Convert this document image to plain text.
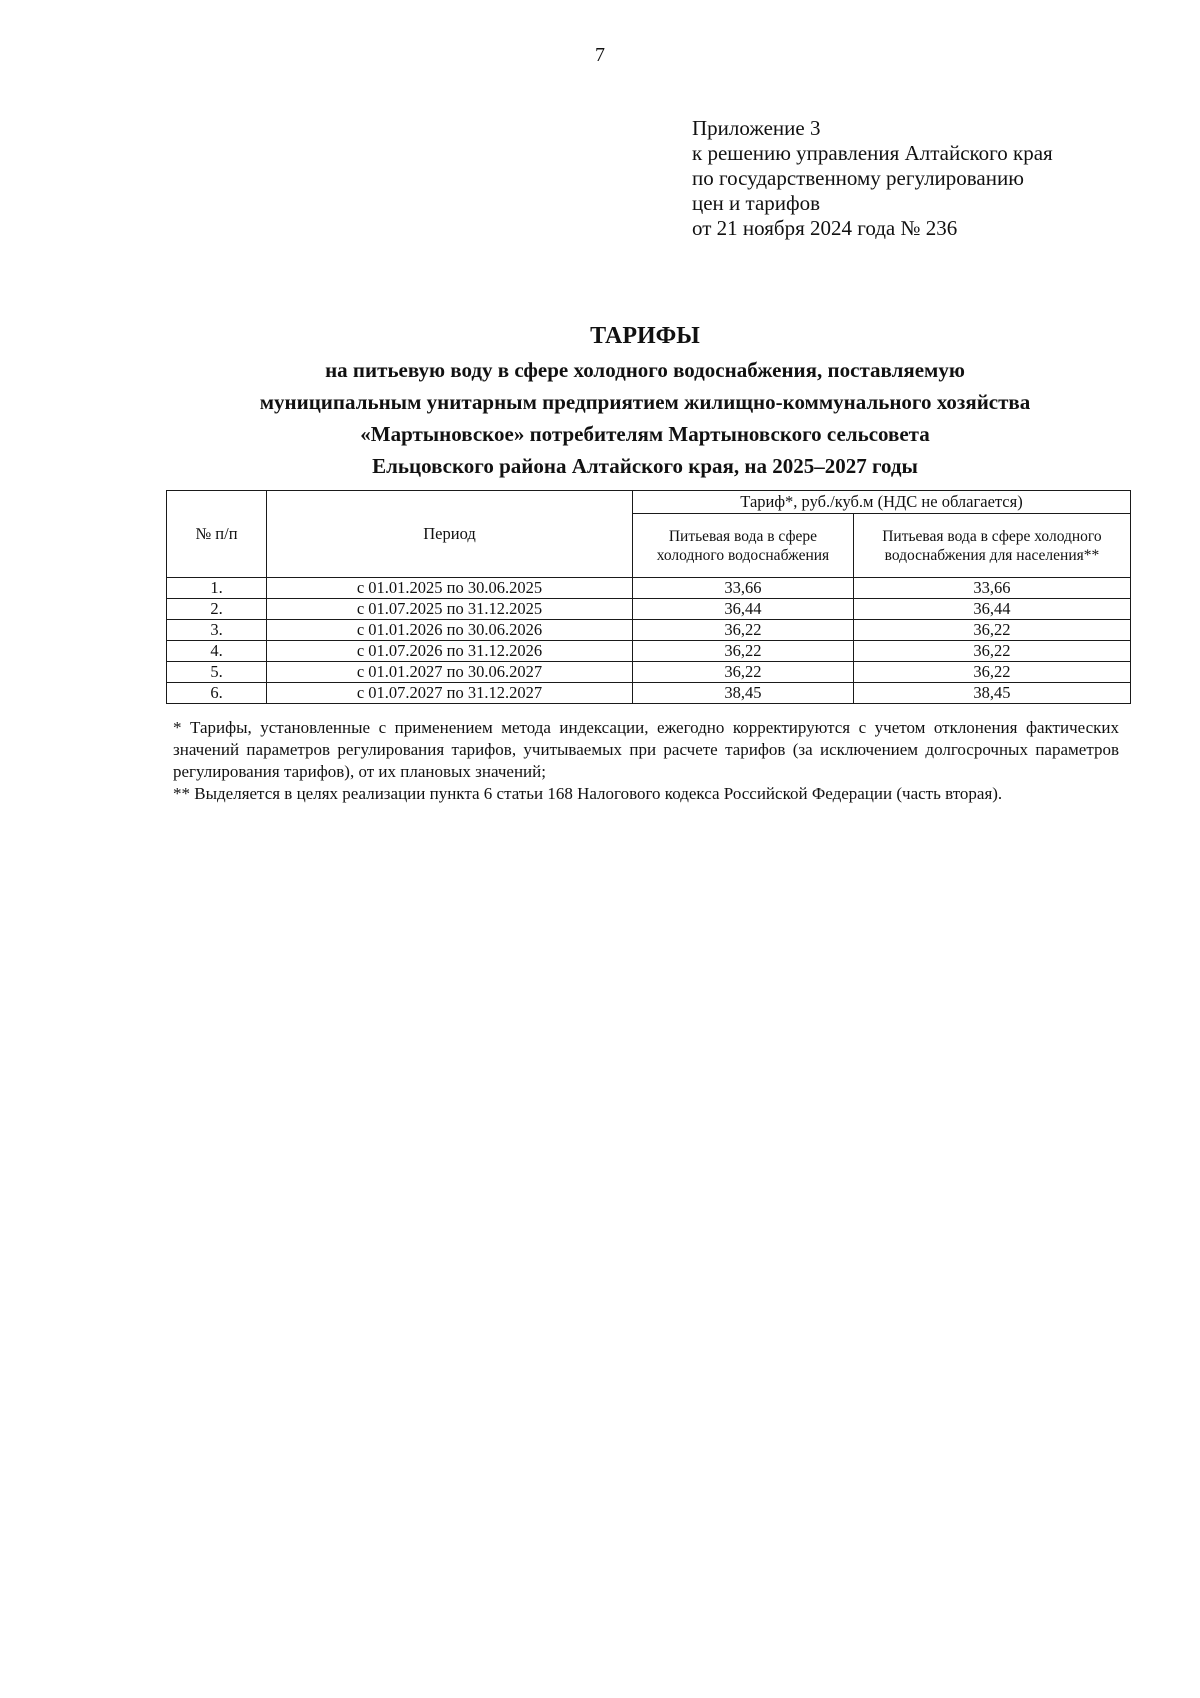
7
Приложение 3
к решению управления Алтайского края
по государственному регулированию
цен и тарифов
от 21 ноября 2024 года № 236
ТАРИФЫ
на питьевую воду в сфере холодного водоснабжения, поставляемую
муниципальным унитарным предприятием жилищно-коммунального хозяйства
«Мартыновское» потребителям Мартыновского сельсовета
Ельцовского района Алтайского края, на 2025–2027 годы
№ п/п	Период	Тариф*, руб./куб.м (НДС не облагается)	
		Питьевая вода в сфере холодного водоснабжения	Питьевая вода в сфере холодного водоснабжения для населения**
1.	с 01.01.2025 по 30.06.2025	33,66	33,66
2.	с 01.07.2025 по 31.12.2025	36,44	36,44
3.	с 01.01.2026 по 30.06.2026	36,22	36,22
4.	с 01.07.2026 по 31.12.2026	36,22	36,22
5.	с 01.01.2027 по 30.06.2027	36,22	36,22
6.	с 01.07.2027 по 31.12.2027	38,45	38,45

* Тарифы, установленные с применением метода индексации, ежегодно корректируются с учетом отклонения фактических значений параметров регулирования тарифов, учитываемых при расчете тарифов (за исключением долгосрочных параметров регулирования тарифов), от их плановых значений;

** Выделяется в целях реализации пункта 6 статьи 168 Налогового кодекса Российской Федерации (часть вторая).
